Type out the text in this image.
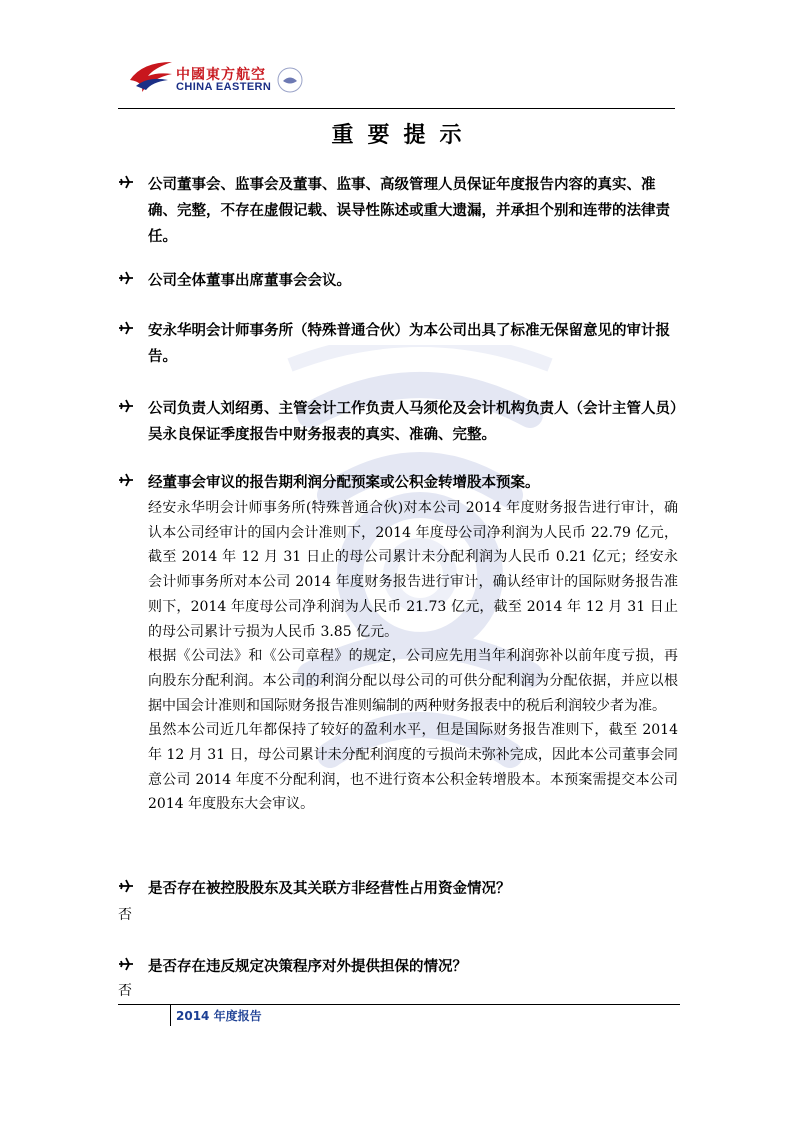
中國東方航空
CHINA EASTERN
重要提示
公司董事会、监事会及董事、监事、高级管理人员保证年度报告内容的真实、准确、完整，不存在虚假记载、误导性陈述或重大遗漏，并承担个别和连带的法律责任。
公司全体董事出席董事会会议。
安永华明会计师事务所（特殊普通合伙）为本公司出具了标准无保留意见的审计报告。
公司负责人刘绍勇、主管会计工作负责人马须伦及会计机构负责人（会计主管人员）吴永良保证季度报告中财务报表的真实、准确、完整。
经董事会审议的报告期利润分配预案或公积金转增股本预案。

经安永华明会计师事务所(特殊普通合伙)对本公司 2014 年度财务报告进行审计，确认本公司经审计的国内会计准则下，2014 年度母公司净利润为人民币 22.79 亿元，截至 2014 年 12 月 31 日止的母公司累计未分配利润为人民币 0.21 亿元；经安永会计师事务所对本公司 2014 年度财务报告进行审计，确认经审计的国际财务报告准则下，2014 年度母公司净利润为人民币 21.73 亿元，截至 2014 年 12 月 31 日止的母公司累计亏损为人民币 3.85 亿元。

根据《公司法》和《公司章程》的规定，公司应先用当年利润弥补以前年度亏损，再向股东分配利润。本公司的利润分配以母公司的可供分配利润为分配依据，并应以根据中国会计准则和国际财务报告准则编制的两种财务报表中的税后利润较少者为准。

虽然本公司近几年都保持了较好的盈利水平，但是国际财务报告准则下，截至 2014 年 12 月 31 日，母公司累计未分配利润度的亏损尚未弥补完成，因此本公司董事会同意公司 2014 年度不分配利润，也不进行资本公积金转增股本。本预案需提交本公司 2014 年度股东大会审议。

是否存在被控股股东及其关联方非经营性占用资金情况？
否
是否存在违反规定决策程序对外提供担保的情况？
否
2014 年度报告
